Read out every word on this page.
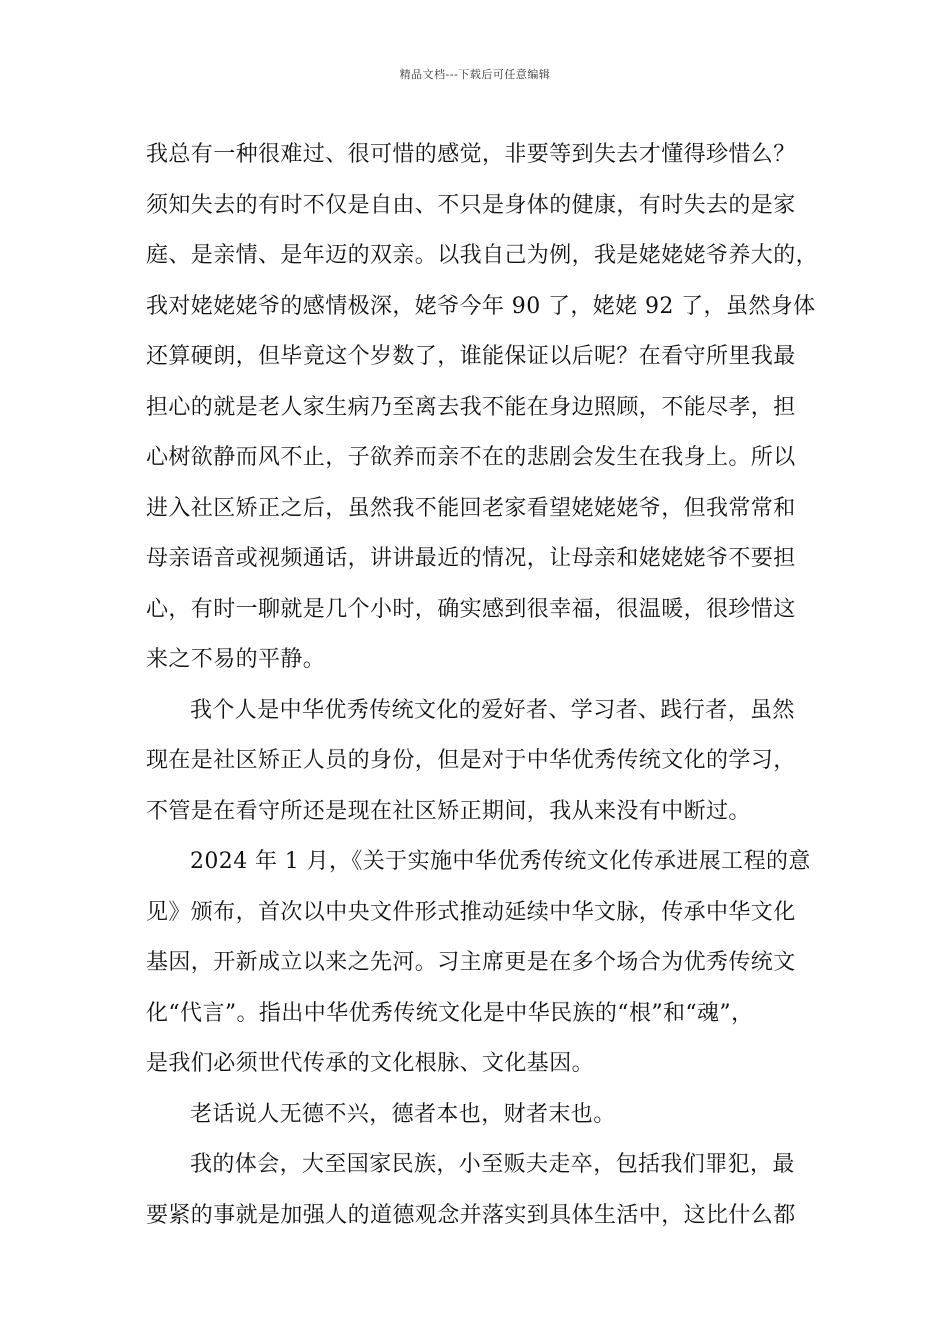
精品文档---下载后可任意编辑
我总有一种很难过、很可惜的感觉，非要等到失去才懂得珍惜么？
须知失去的有时不仅是自由、不只是身体的健康，有时失去的是家
庭、是亲情、是年迈的双亲。以我自己为例，我是姥姥姥爷养大的，
我对姥姥姥爷的感情极深，姥爷今年 90 了，姥姥 92 了，虽然身体
还算硬朗，但毕竟这个岁数了，谁能保证以后呢？在看守所里我最
担心的就是老人家生病乃至离去我不能在身边照顾，不能尽孝，担
心树欲静而风不止，子欲养而亲不在的悲剧会发生在我身上。所以
进入社区矫正之后，虽然我不能回老家看望姥姥姥爷，但我常常和
母亲语音或视频通话，讲讲最近的情况，让母亲和姥姥姥爷不要担
心，有时一聊就是几个小时，确实感到很幸福，很温暖，很珍惜这
来之不易的平静。
我个人是中华优秀传统文化的爱好者、学习者、践行者，虽然
现在是社区矫正人员的身份，但是对于中华优秀传统文化的学习，
不管是在看守所还是现在社区矫正期间，我从来没有中断过。
2024 年 1 月，《关于实施中华优秀传统文化传承进展工程的意
见》颁布，首次以中央文件形式推动延续中华文脉，传承中华文化
基因，开新成立以来之先河。习主席更是在多个场合为优秀传统文
化“代言”。指出中华优秀传统文化是中华民族的“根”和“魂”，
是我们必须世代传承的文化根脉、文化基因。
老话说人无德不兴，德者本也，财者末也。
我的体会，大至国家民族，小至贩夫走卒，包括我们罪犯，最
要紧的事就是加强人的道德观念并落实到具体生活中，这比什么都
